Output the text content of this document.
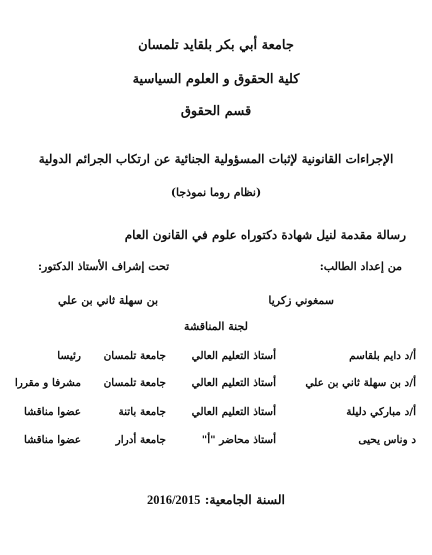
جامعة أبي بكر بلقايد تلمسان
كلية الحقوق و العلوم السياسية
قسم الحقوق
الإجراءات القانونية لإثبات المسؤولية الجنائية عن ارتكاب الجرائم الدولية
(نظام روما نموذجا)
رسالة مقدمة لنيل شهادة دكتوراه علوم في القانون العام
من إعداد الطالب:
تحت إشراف الأستاذ الدكتور:
سمغوني زكريا
بن سهلة ثاني بن علي
لجنة المناقشة
أ/د دايم بلقاسم
أستاذ التعليم العالي
جامعة تلمسان
رئيسا
أ/د بن سهلة ثاني بن علي
أستاذ التعليم العالي
جامعة تلمسان
مشرفا و مقررا
أ/د مباركي دليلة
أستاذ التعليم العالي
جامعة باتنة
عضوا مناقشا
د وناس يحيى
أستاذ محاضر "أ"
جامعة أدرار
عضوا مناقشا
السنة الجامعية: 2016/2015
